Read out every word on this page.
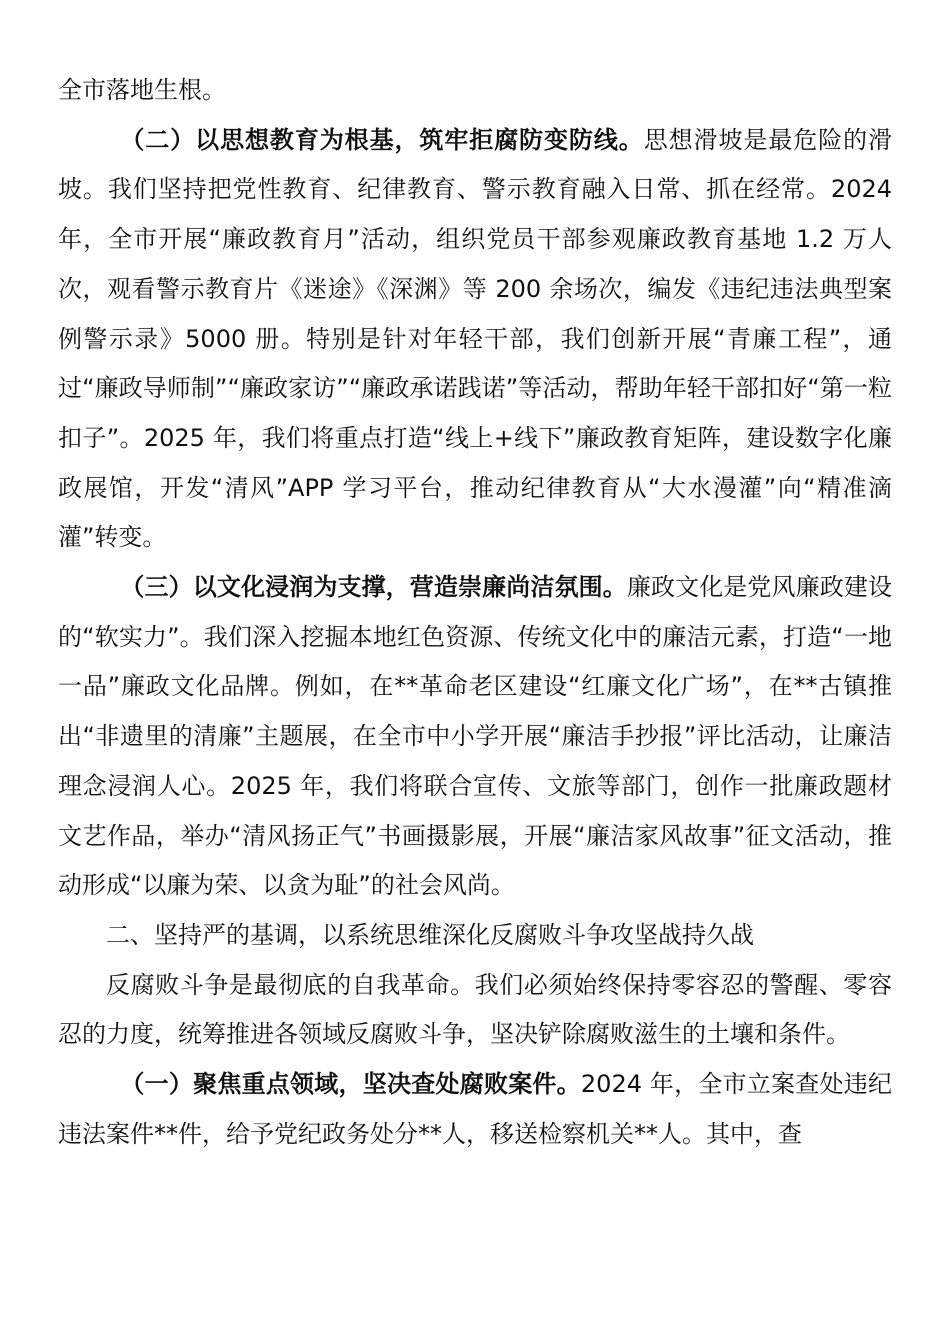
全市落地生根。

（二）以思想教育为根基，筑牢拒腐防变防线。思想滑坡是最危险的滑坡。我们坚持把党性教育、纪律教育、警示教育融入日常、抓在经常。2024 年，全市开展“廉政教育月”活动，组织党员干部参观廉政教育基地 1.2 万人次，观看警示教育片《迷途》《深渊》等 200 余场次，编发《违纪违法典型案例警示录》5000 册。特别是针对年轻干部，我们创新开展“青廉工程”，通过“廉政导师制”“廉政家访”“廉政承诺践诺”等活动，帮助年轻干部扣好“第一粒扣子”。2025 年，我们将重点打造“线上+线下”廉政教育矩阵，建设数字化廉政展馆，开发“清风”APP 学习平台，推动纪律教育从“大水漫灌”向“精准滴灌”转变。

（三）以文化浸润为支撑，营造崇廉尚洁氛围。廉政文化是党风廉政建设的“软实力”。我们深入挖掘本地红色资源、传统文化中的廉洁元素，打造“一地一品”廉政文化品牌。例如，在**革命老区建设“红廉文化广场”，在**古镇推出“非遗里的清廉”主题展，在全市中小学开展“廉洁手抄报”评比活动，让廉洁理念浸润人心。2025 年，我们将联合宣传、文旅等部门，创作一批廉政题材文艺作品，举办“清风扬正气”书画摄影展，开展“廉洁家风故事”征文活动，推动形成“以廉为荣、以贪为耻”的社会风尚。

二、坚持严的基调，以系统思维深化反腐败斗争攻坚战持久战

反腐败斗争是最彻底的自我革命。我们必须始终保持零容忍的警醒、零容忍的力度，统筹推进各领域反腐败斗争，坚决铲除腐败滋生的土壤和条件。

（一）聚焦重点领域，坚决查处腐败案件。2024 年，全市立案查处违纪违法案件**件，给予党纪政务处分**人，移送检察机关**人。其中，查
